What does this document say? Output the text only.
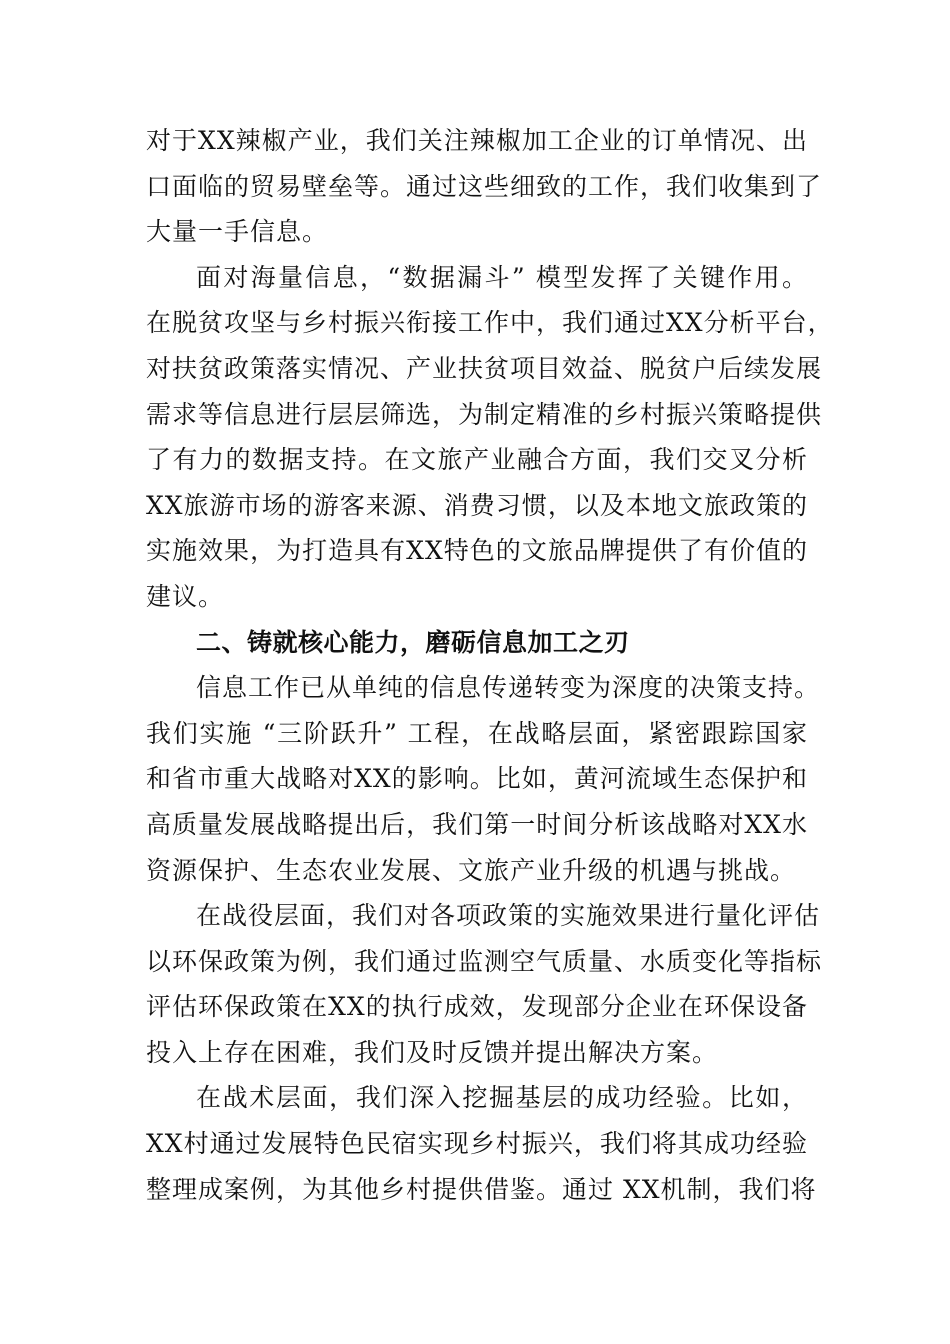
对于XX辣椒产业，我们关注辣椒加工企业的订单情况、出
口面临的贸易壁垒等。通过这些细致的工作，我们收集到了
大量一手信息。
面对海量信息，“数据漏斗” 模型发挥了关键作用。
在脱贫攻坚与乡村振兴衔接工作中，我们通过XX分析平台，
对扶贫政策落实情况、产业扶贫项目效益、脱贫户后续发展
需求等信息进行层层筛选，为制定精准的乡村振兴策略提供
了有力的数据支持。在文旅产业融合方面，我们交叉分析
XX旅游市场的游客来源、消费习惯，以及本地文旅政策的
实施效果，为打造具有XX特色的文旅品牌提供了有价值的
建议。
二、铸就核心能力，磨砺信息加工之刃
信息工作已从单纯的信息传递转变为深度的决策支持。
我们实施 “三阶跃升” 工程，在战略层面，紧密跟踪国家
和省市重大战略对XX的影响。比如，黄河流域生态保护和
高质量发展战略提出后，我们第一时间分析该战略对XX水
资源保护、生态农业发展、文旅产业升级的机遇与挑战。
在战役层面，我们对各项政策的实施效果进行量化评估
以环保政策为例，我们通过监测空气质量、水质变化等指标
评估环保政策在XX的执行成效，发现部分企业在环保设备
投入上存在困难，我们及时反馈并提出解决方案。
在战术层面，我们深入挖掘基层的成功经验。比如，
XX村通过发展特色民宿实现乡村振兴，我们将其成功经验
整理成案例，为其他乡村提供借鉴。通过 XX机制，我们将
